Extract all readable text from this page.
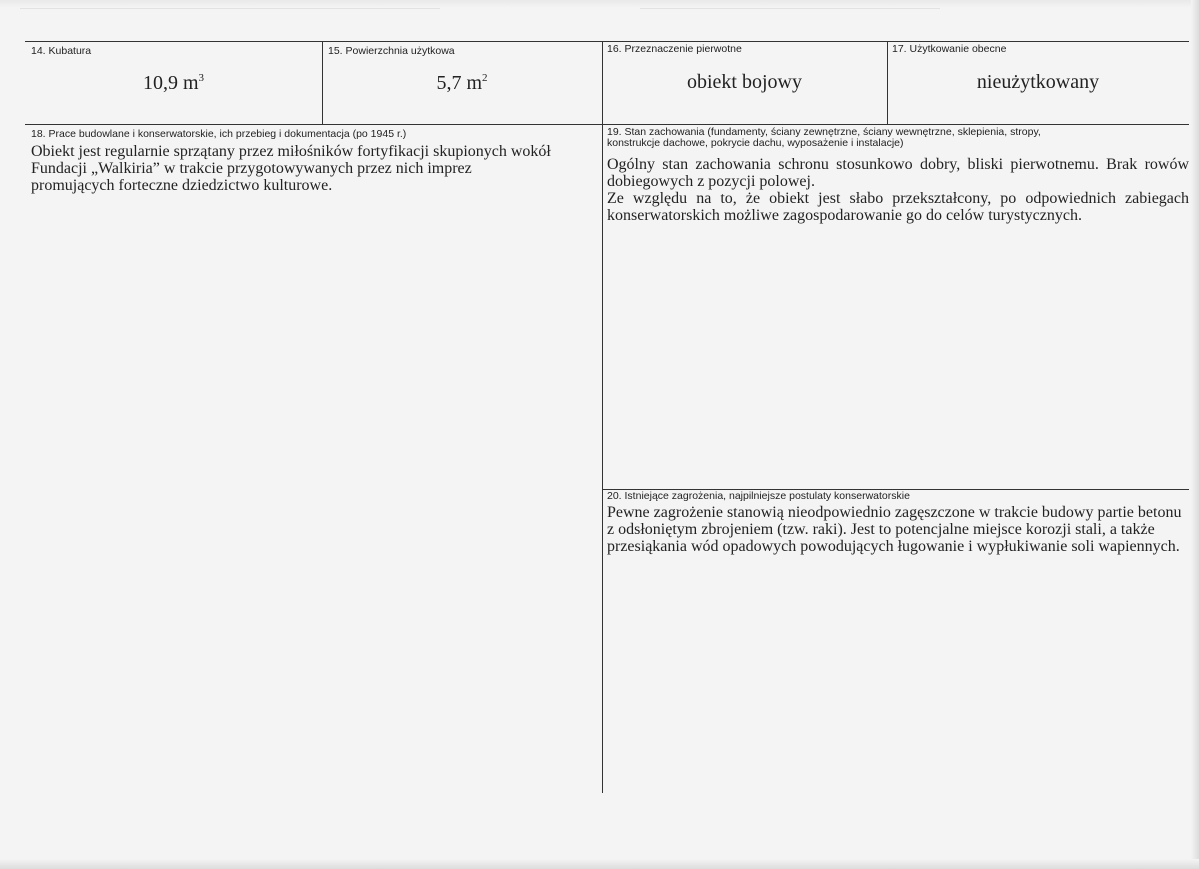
14. Kubatura
10,9 $m^3$
15. Powierzchnia użytkowa
5,7 $m^2$
16. Przeznaczenie pierwotne
obiekt bojowy
17. Użytkowanie obecne
nieużytkowany
18. Prace budowlane i konserwatorskie, ich przebieg i dokumentacja (po 1945 r.)
Obiekt jest regularnie sprzątany przez miłośników fortyfikacji skupionych wokół Fundacji „Walkiria” w trakcie przygotowywanych przez nich imprez promujących forteczne dziedzictwo kulturowe.
19. Stan zachowania (fundamenty, ściany zewnętrzne, ściany wewnętrzne, sklepienia, stropy,
konstrukcje dachowe, pokrycie dachu, wyposażenie i instalacje)

Ogólny stan zachowania schronu stosunkowo dobry, bliski pierwotnemu. Brak rowów dobiegowych z pozycji polowej.

Ze względu na to, że obiekt jest słabo przekształcony, po odpowiednich zabiegach konserwatorskich możliwe zagospodarowanie go do celów turystycznych.

20. Istniejące zagrożenia, najpilniejsze postulaty konserwatorskie
Pewne zagrożenie stanowią nieodpowiednio zagęszczone w trakcie budowy partie betonu z odsłoniętym zbrojeniem (tzw. raki). Jest to potencjalne miejsce korozji stali, a także przesiąkania wód opadowych powodujących ługowanie i wypłukiwanie soli wapiennych.
